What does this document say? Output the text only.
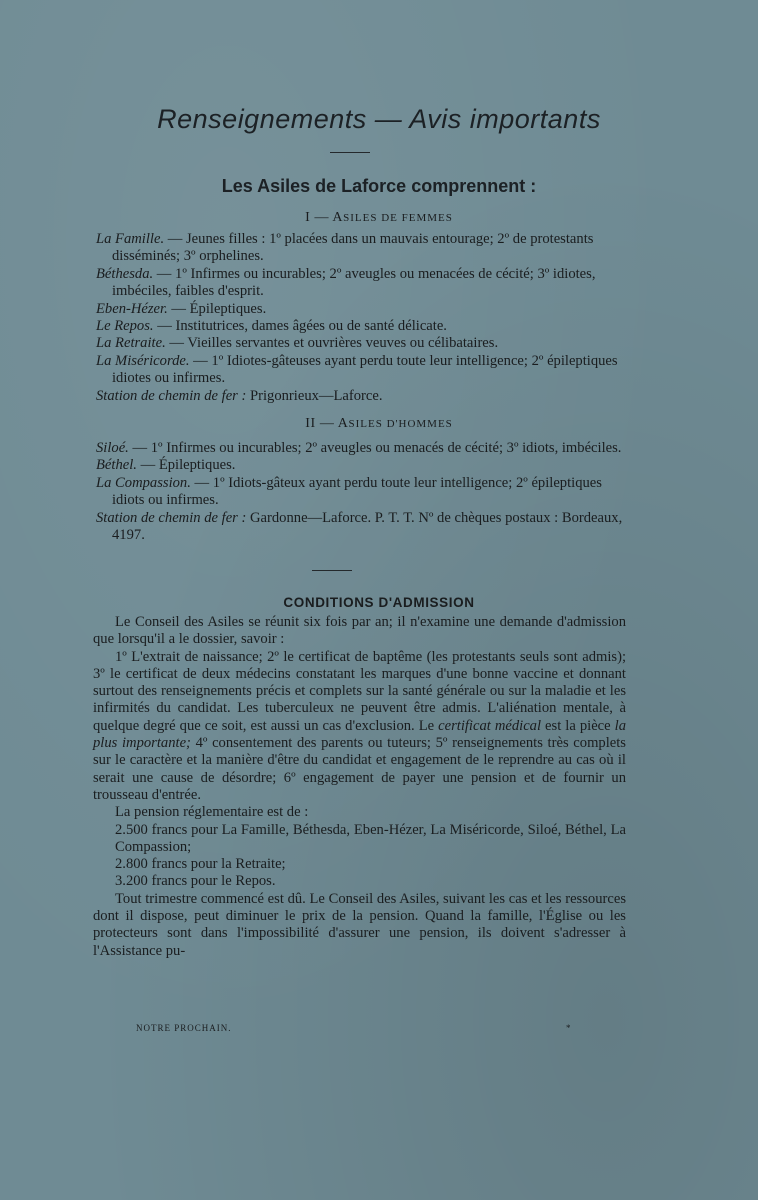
Renseignements — Avis importants
Les Asiles de Laforce comprennent :
I — ASILES DE FEMMES

La Famille. — Jeunes filles : 1º placées dans un mauvais entourage; 2º de protestants disséminés; 3º orphelines.

Béthesda. — 1º Infirmes ou incurables; 2º aveugles ou menacées de cécité; 3º idiotes, imbéciles, faibles d'esprit.

Eben-Hézer. — Épileptiques.

Le Repos. — Institutrices, dames âgées ou de santé délicate.

La Retraite. — Vieilles servantes et ouvrières veuves ou célibataires.

La Miséricorde. — 1º Idiotes-gâteuses ayant perdu toute leur intelligence; 2º épileptiques idiotes ou infirmes.

Station de chemin de fer : Prigonrieux—Laforce.

II — ASILES D'HOMMES

Siloé. — 1º Infirmes ou incurables; 2º aveugles ou menacés de cécité; 3º idiots, imbéciles.

Béthel. — Épileptiques.

La Compassion. — 1º Idiots-gâteux ayant perdu toute leur intelligence; 2º épileptiques idiots ou infirmes.

Station de chemin de fer : Gardonne—Laforce. P. T. T. Nº de chèques postaux : Bordeaux, 4197.

CONDITIONS D'ADMISSION

Le Conseil des Asiles se réunit six fois par an; il n'examine une demande d'admission que lorsqu'il a le dossier, savoir :

1º L'extrait de naissance; 2º le certificat de baptême (les protestants seuls sont admis); 3º le certificat de deux médecins constatant les marques d'une bonne vaccine et donnant surtout des renseignements précis et complets sur la santé générale ou sur la maladie et les infirmités du candidat. Les tuberculeux ne peuvent être admis. L'aliénation mentale, à quelque degré que ce soit, est aussi un cas d'exclusion. Le certificat médical est la pièce la plus importante; 4º consentement des parents ou tuteurs; 5º renseignements très complets sur le caractère et la manière d'être du candidat et engagement de le reprendre au cas où il serait une cause de désordre; 6º engagement de payer une pension et de fournir un trousseau d'entrée.

La pension réglementaire est de :

2.500 francs pour La Famille, Béthesda, Eben-Hézer, La Miséricorde, Siloé, Béthel, La Compassion;

2.800 francs pour la Retraite;

3.200 francs pour le Repos.

Tout trimestre commencé est dû. Le Conseil des Asiles, suivant les cas et les ressources dont il dispose, peut diminuer le prix de la pension. Quand la famille, l'Église ou les protecteurs sont dans l'impossibilité d'assurer une pension, ils doivent s'adresser à l'Assistance pu-

NOTRE PROCHAIN.	*
